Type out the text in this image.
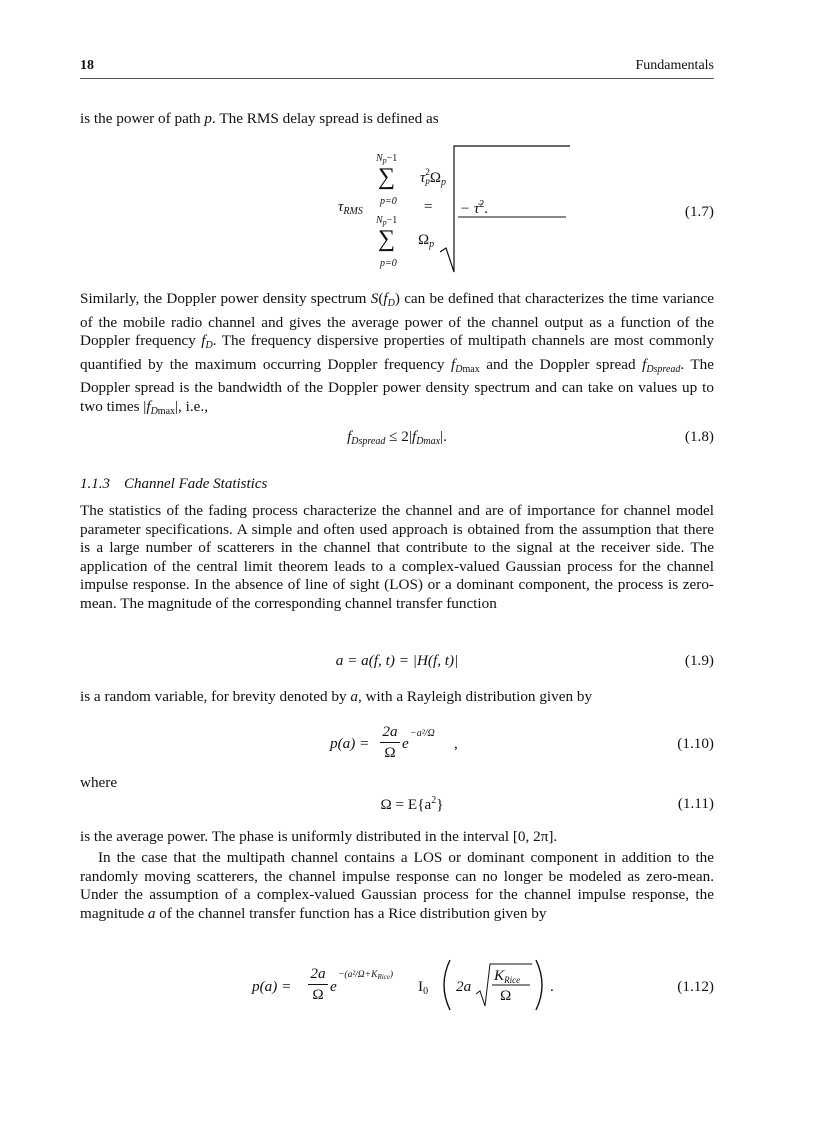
18	Fundamentals
is the power of path p. The RMS delay spread is defined as
$\tau_{RMS}$	=
$N_p-1$
∑ τ 2
p $\Omega_p$
p=0
$N_p-1$
∑ $\Omega_p$
p=0
− τ̄$^2$.	(1.7)
Similarly, the Doppler power density spectrum $S(f_D)$ can be defined that characterizes the time variance of the mobile radio channel and gives the average power of the channel output as a function of the Doppler frequency $f_D$. The frequency dispersive properties of multipath channels are most commonly quantified by the maximum occurring Doppler frequency $f_{Dmax}$ and the Doppler spread $f_{Dspread}$. The Doppler spread is the bandwidth of the Doppler power density spectrum and can take on values up to two times $|f_{Dmax}|$, i.e.,
$f_{Dspread} \le 2|f_{Dmax}|$.	(1.8)
1.1.3 Channel Fade Statistics
The statistics of the fading process characterize the channel and are of importance for channel model parameter specifications. A simple and often used approach is obtained from the assumption that there is a large number of scatterers in the channel that contribute to the signal at the receiver side. The application of the central limit theorem leads to a complex-valued Gaussian process for the channel impulse response. In the absence of line of sight (LOS) or a dominant component, the process is zero-mean. The magnitude of the corresponding channel transfer function
a = a(f, t) = |H(f, t)|	(1.9)
is a random variable, for brevity denoted by a, with a Rayleigh distribution given by
p(a) =
2a
Ω
e
−a²/Ω
,	(1.10)
where
$\Omega = E\{a^2\}$	(1.11)
is the average power. The phase is uniformly distributed in the interval [0, 2π].
In the case that the multipath channel contains a LOS or dominant component in addition to the randomly moving scatterers, the channel impulse response can no longer be modeled as zero-mean. Under the assumption of a complex-valued Gaussian process for the channel impulse response, the magnitude a of the channel transfer function has a Rice distribution given by
p(a) =
2a
Ω e
$-(a^2/\Omega+K_{Rice})$
$I_0$ 2a
KRice
Ω
.	(1.12)
